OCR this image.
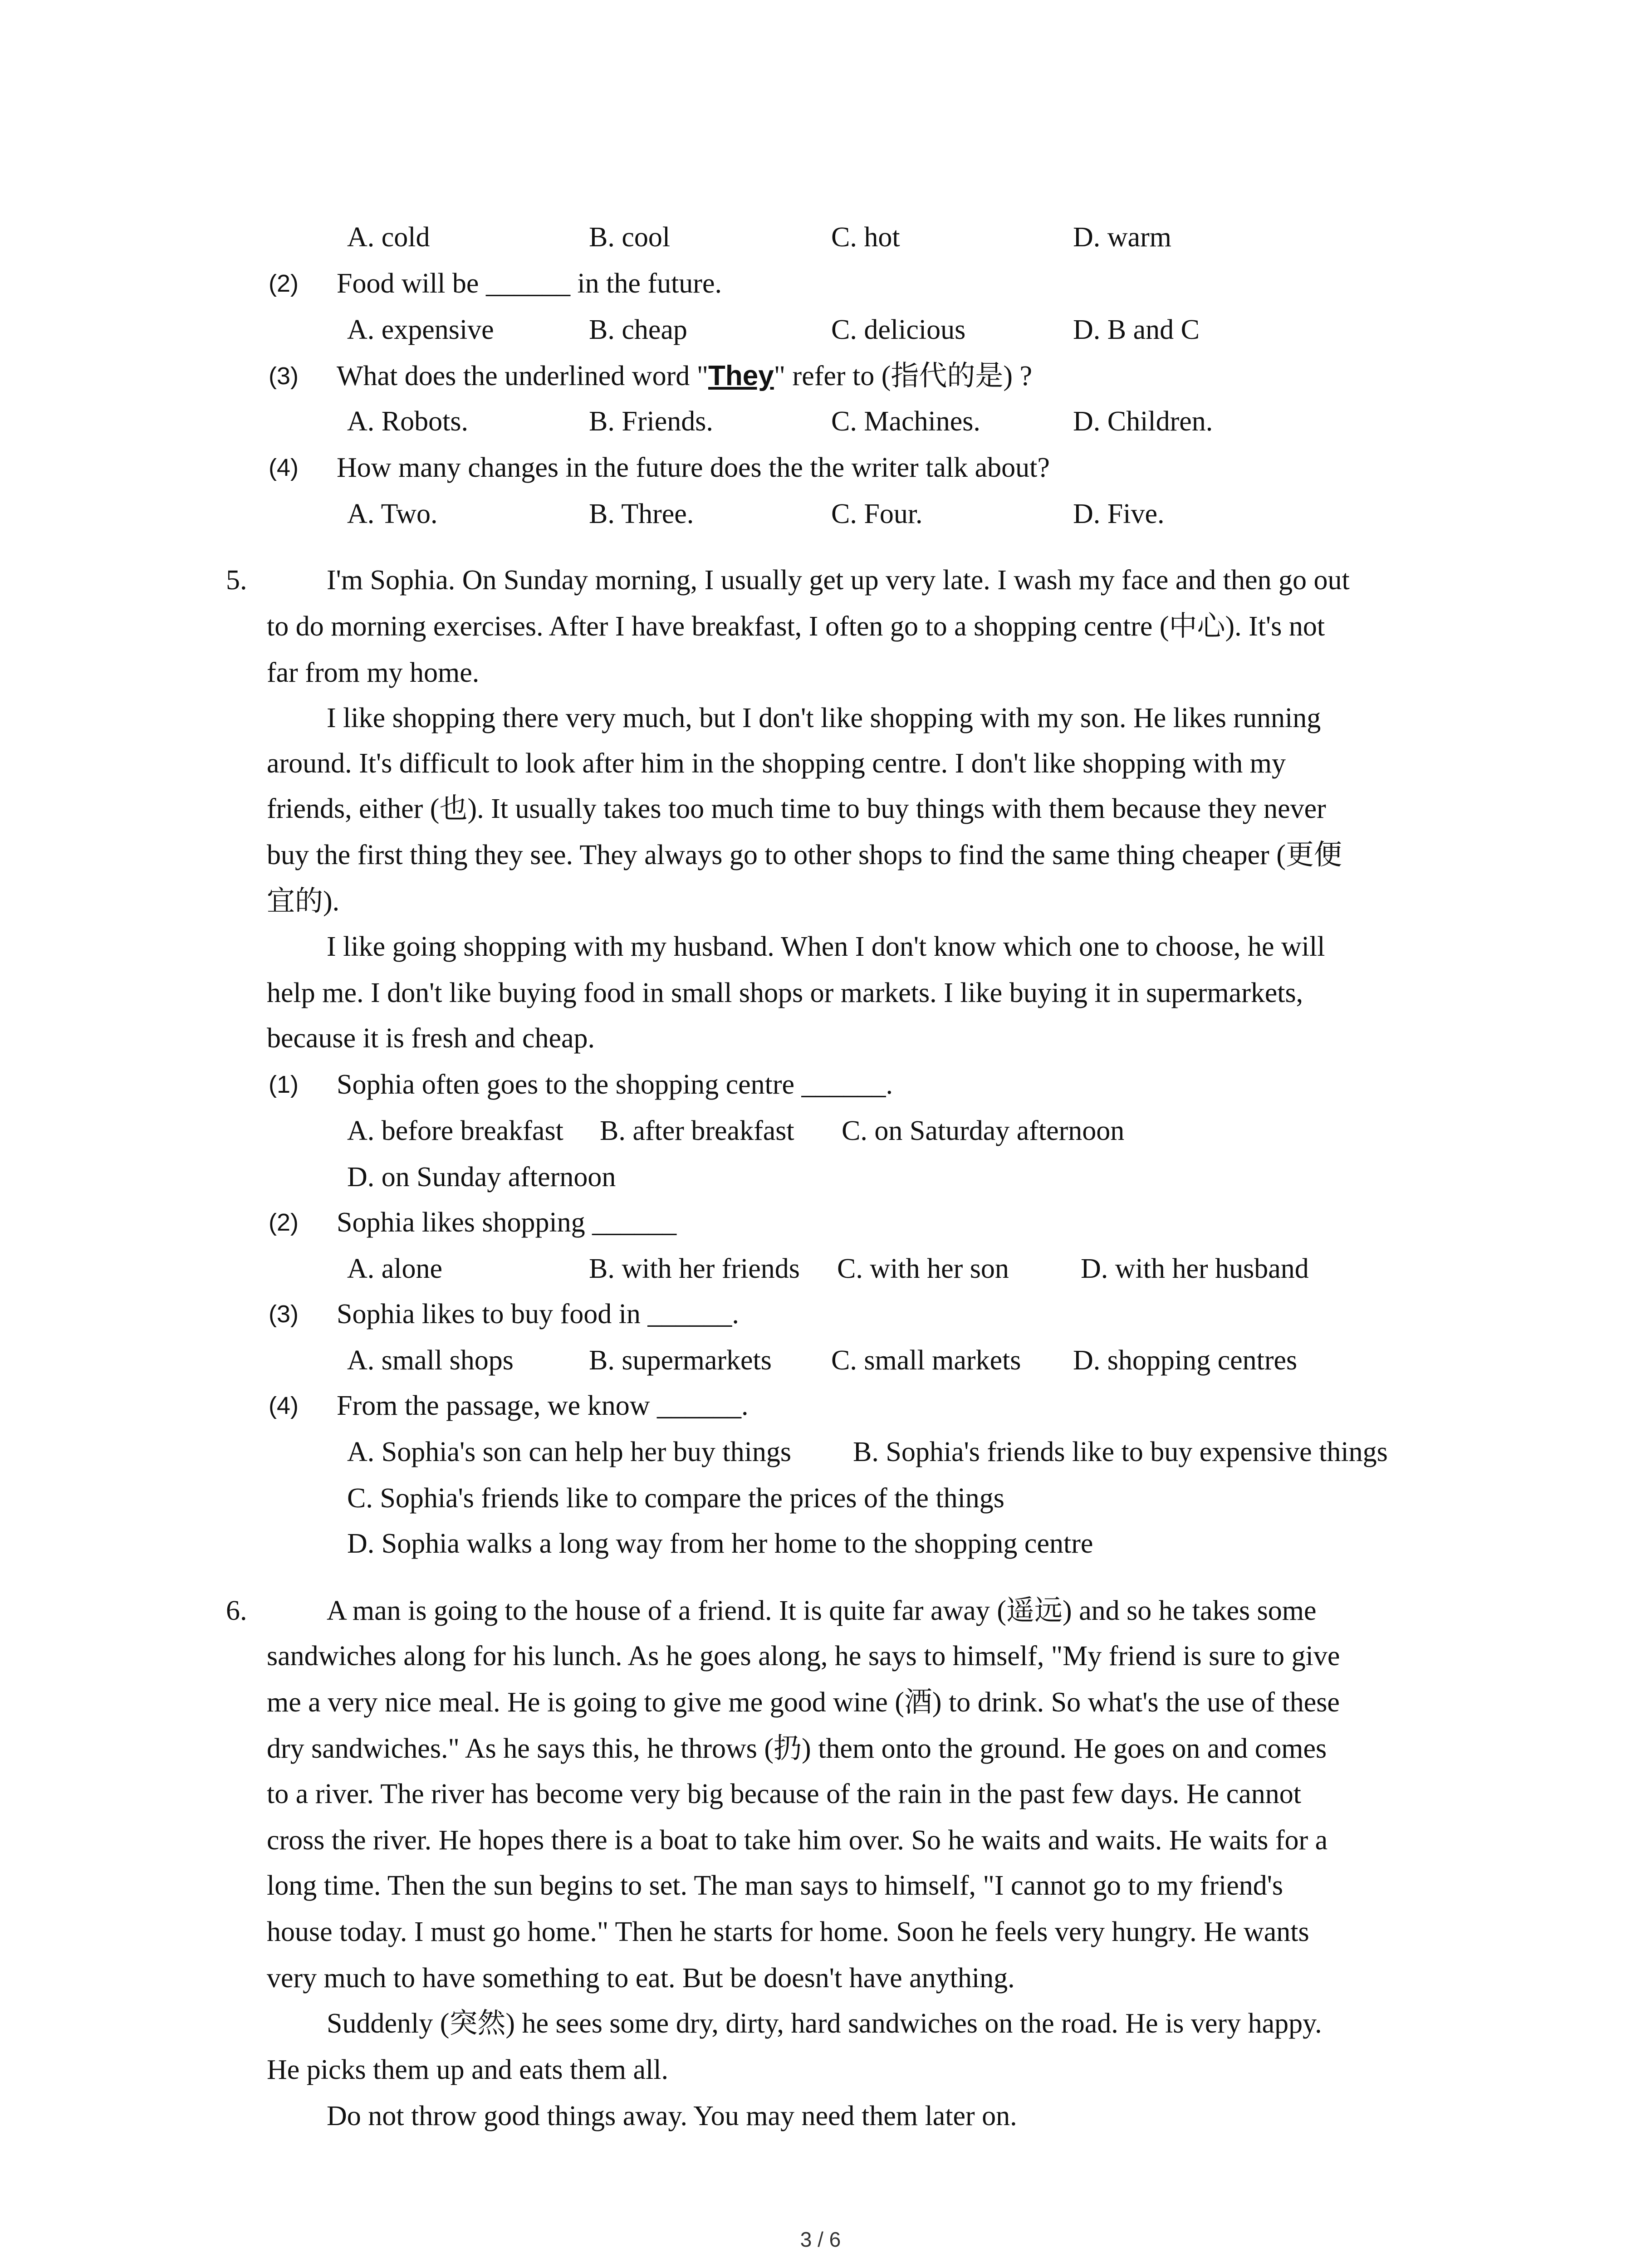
A. cold	B. cool	C. hot	D. warm
(2) Food will be ______ in the future.
A. expensive	B. cheap	C. delicious	D. B and C
(3) What does the underlined word "They" refer to (指代的是) ?
A. Robots.	B. Friends.	C. Machines.	D. Children.
(4) How many changes in the future does the the writer talk about?
A. Two.	B. Three.	C. Four.	D. Five.
5.	I'm Sophia. On Sunday morning, I usually get up very late. I wash my face and then go out
to do morning exercises. After I have breakfast, I often go to a shopping centre (中心). It's not
far from my home.
I like shopping there very much, but I don't like shopping with my son. He likes running
around. It's difficult to look after him in the shopping centre. I don't like shopping with my
friends, either (也). It usually takes too much time to buy things with them because they never
buy the first thing they see. They always go to other shops to find the same thing cheaper (更便
宜的).
I like going shopping with my husband. When I don't know which one to choose, he will
help me. I don't like buying food in small shops or markets. I like buying it in supermarkets,
because it is fresh and cheap.
(1) Sophia often goes to the shopping centre ______.
A. before breakfast B. after breakfast C. on Saturday afternoon
D. on Sunday afternoon
(2) Sophia likes shopping ______
A. alone	B. with her friends C. with her son	D. with her husband
(3) Sophia likes to buy food in ______.
A. small shops	B. supermarkets C. small markets D. shopping centres
(4) From the passage, we know ______.
A. Sophia's son can help her buy things B. Sophia's friends like to buy expensive things
C. Sophia's friends like to compare the prices of the things
D. Sophia walks a long way from her home to the shopping centre
6.	A man is going to the house of a friend. It is quite far away (遥远) and so he takes some
sandwiches along for his lunch. As he goes along, he says to himself, "My friend is sure to give
me a very nice meal. He is going to give me good wine (酒) to drink. So what's the use of these
dry sandwiches." As he says this, he throws (扔) them onto the ground. He goes on and comes
to a river. The river has become very big because of the rain in the past few days. He cannot
cross the river. He hopes there is a boat to take him over. So he waits and waits. He waits for a
long time. Then the sun begins to set. The man says to himself, "I cannot go to my friend's
house today. I must go home." Then he starts for home. Soon he feels very hungry. He wants
very much to have something to eat. But be doesn't have anything.
Suddenly (突然) he sees some dry, dirty, hard sandwiches on the road. He is very happy.
He picks them up and eats them all.
Do not throw good things away. You may need them later on.
3 / 6
